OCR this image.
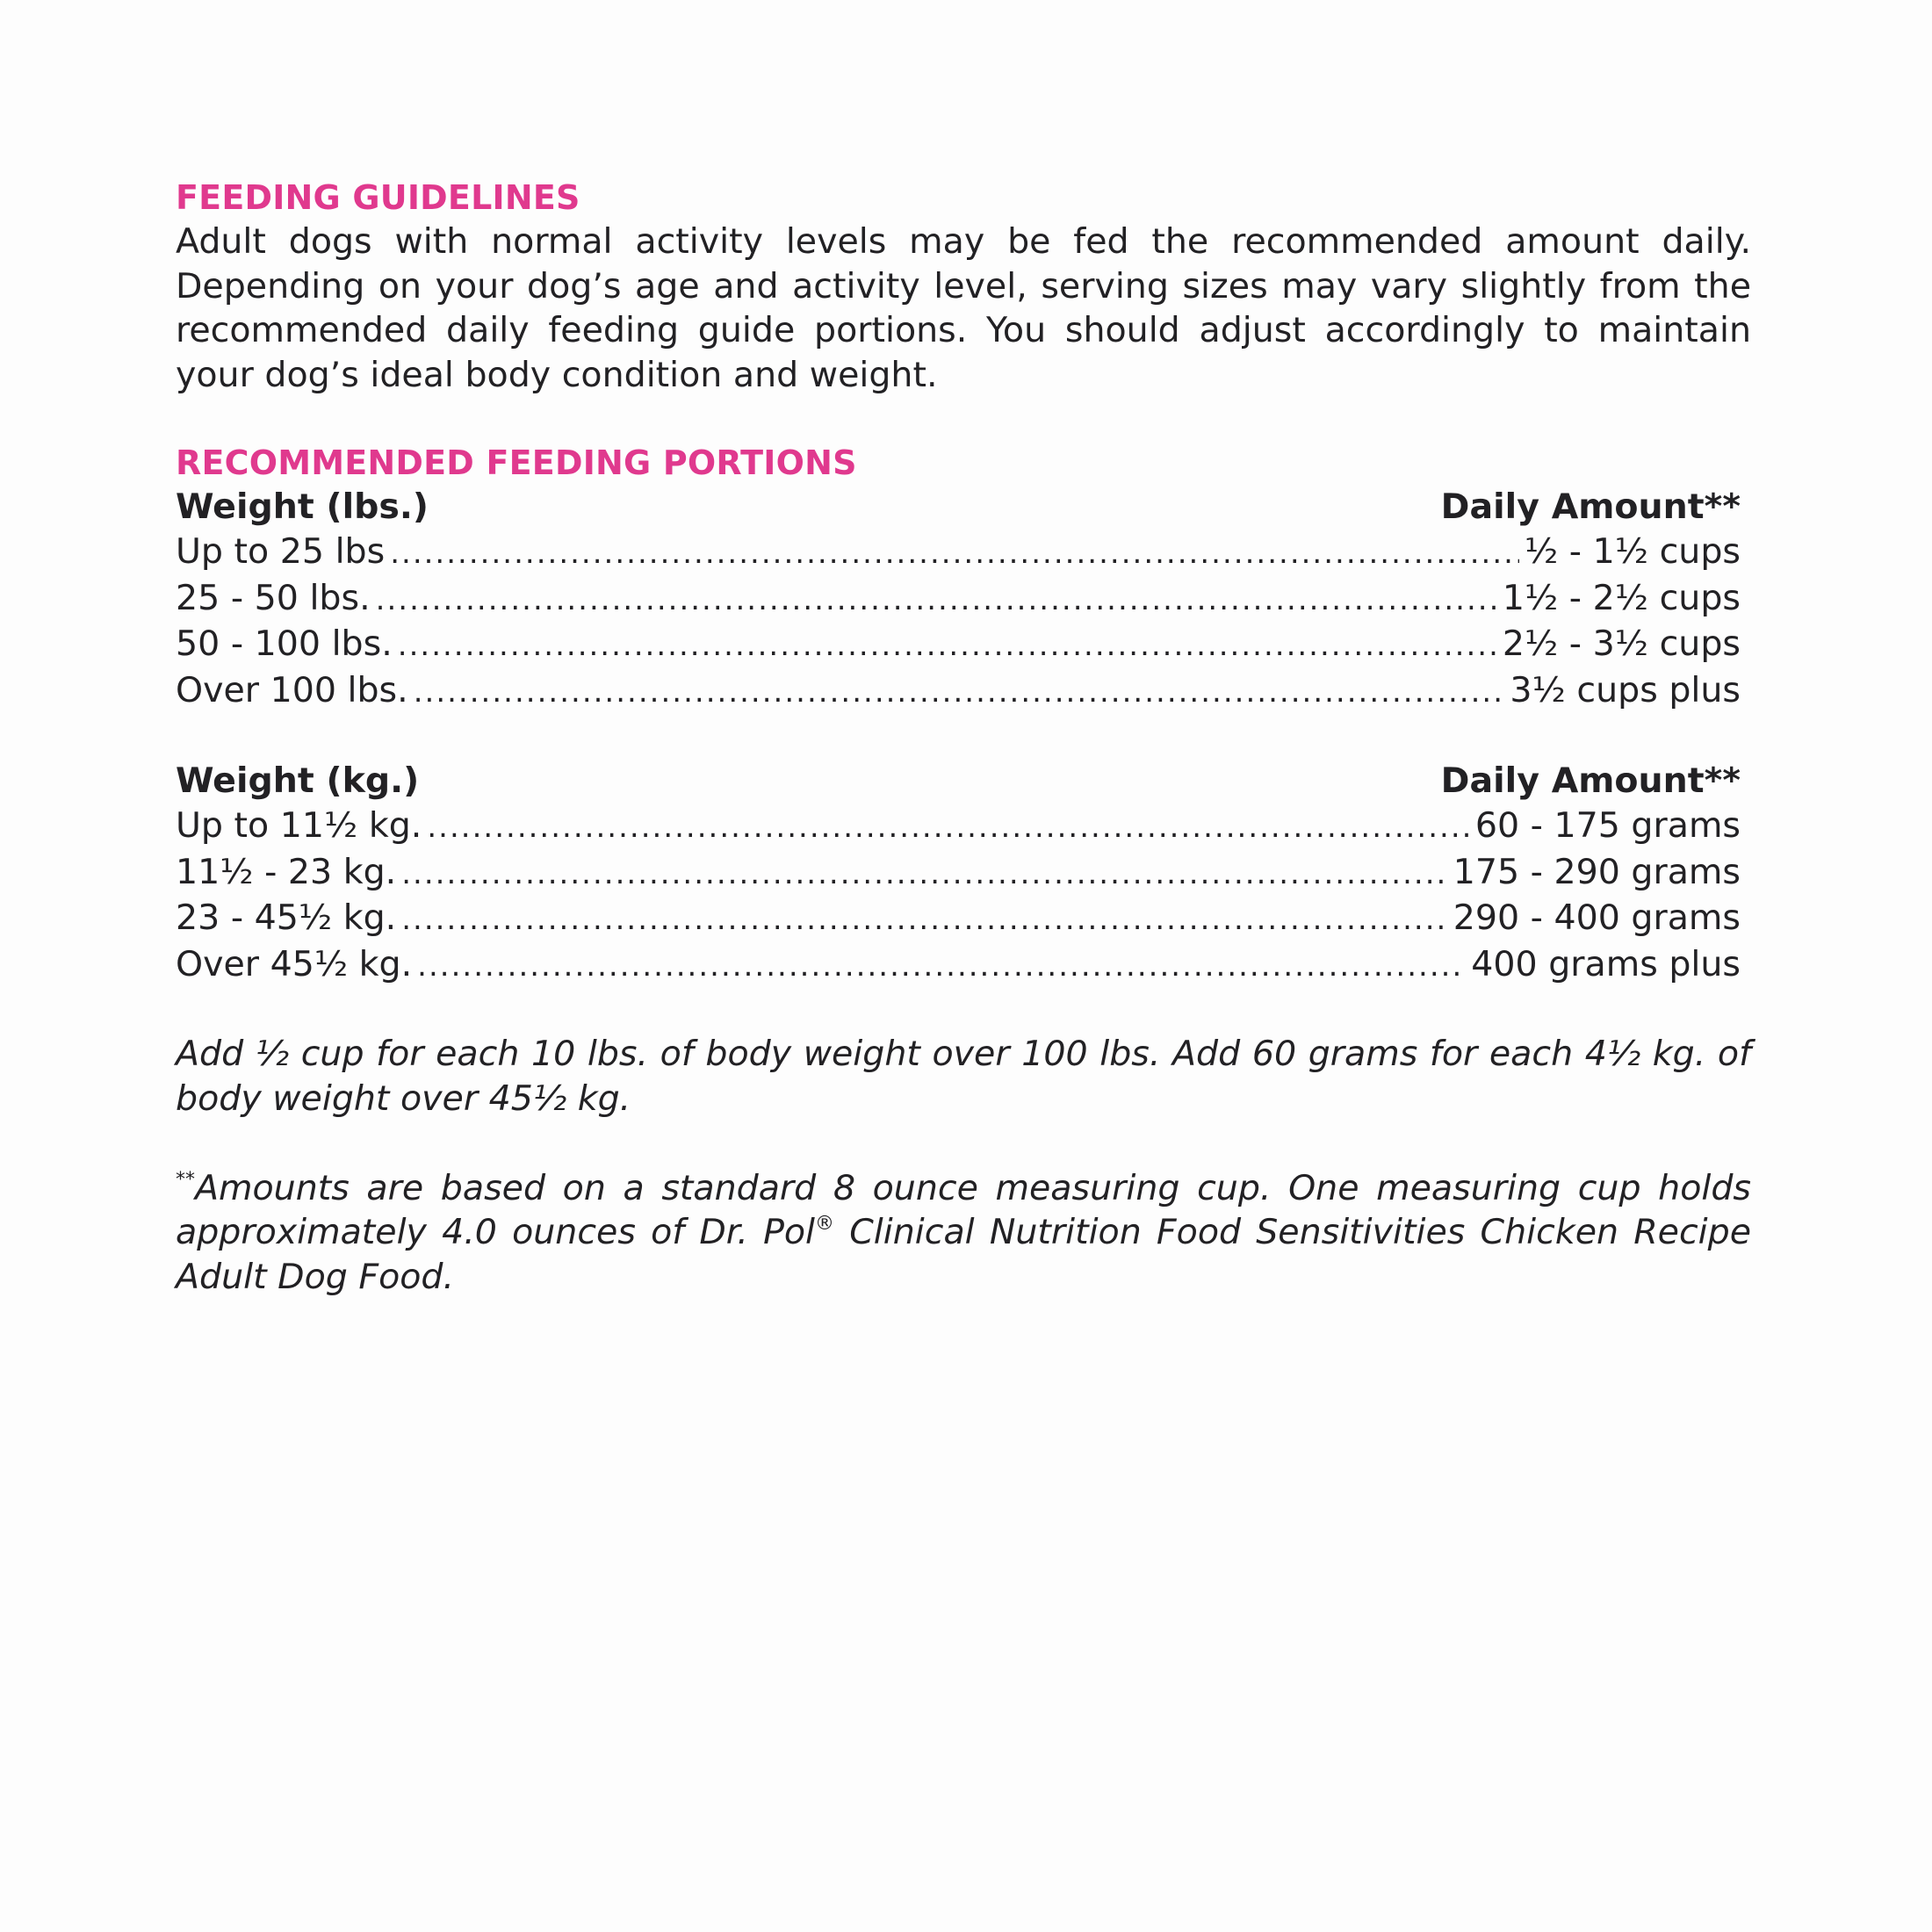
FEEDING GUIDELINES

Adult dogs with normal activity levels may be fed the recommended amount daily. Depending on your dog’s age and activity level, serving sizes may vary slightly from the recommended daily feeding guide portions. You should adjust accordingly to maintain your dog’s ideal body condition and weight.

RECOMMENDED FEEDING PORTIONS
Weight (lbs.)	Daily Amount**
Up to 25 lbs .....	½ - 1½ cups
25 - 50 lbs. .....	1½ - 2½ cups
50 - 100 lbs. .....	2½ - 3½ cups
Over 100 lbs. .....	3½ cups plus
Weight (kg.)	Daily Amount**
Up to 11½ kg. .....	60 - 175 grams
11½ - 23 kg. .....	175 - 290 grams
23 - 45½ kg. .....	290 - 400 grams
Over 45½ kg. .....	400 grams plus

Add ½ cup for each 10 lbs. of body weight over 100 lbs. Add 60 grams for each 4½ kg. of body weight over 45½ kg.

**Amounts are based on a standard 8 ounce measuring cup. One measuring cup holds approximately 4.0 ounces of Dr. Pol® Clinical Nutrition Food Sensitivities Chicken Recipe Adult Dog Food.
